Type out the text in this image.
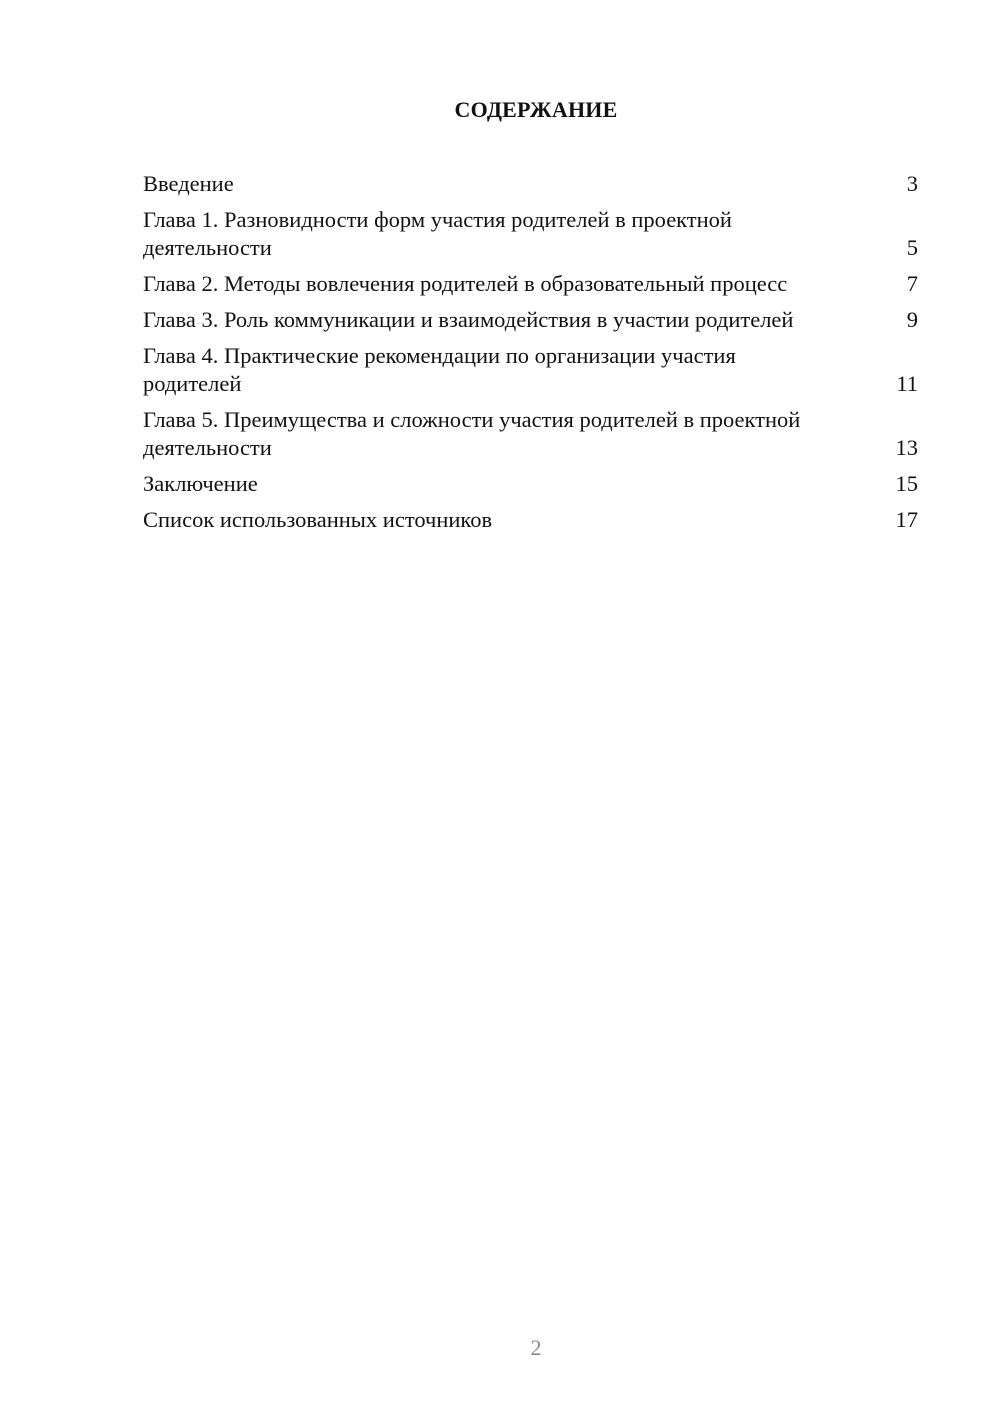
СОДЕРЖАНИЕ
Введение	3
Глава 1. Разновидности форм участия родителей в проектной деятельности	5
Глава 2. Методы вовлечения родителей в образовательный процесс	7
Глава 3. Роль коммуникации и взаимодействия в участии родителей	9
Глава 4. Практические рекомендации по организации участия родителей	11
Глава 5. Преимущества и сложности участия родителей в проектной деятельности	13
Заключение	15
Список использованных источников	17
2
